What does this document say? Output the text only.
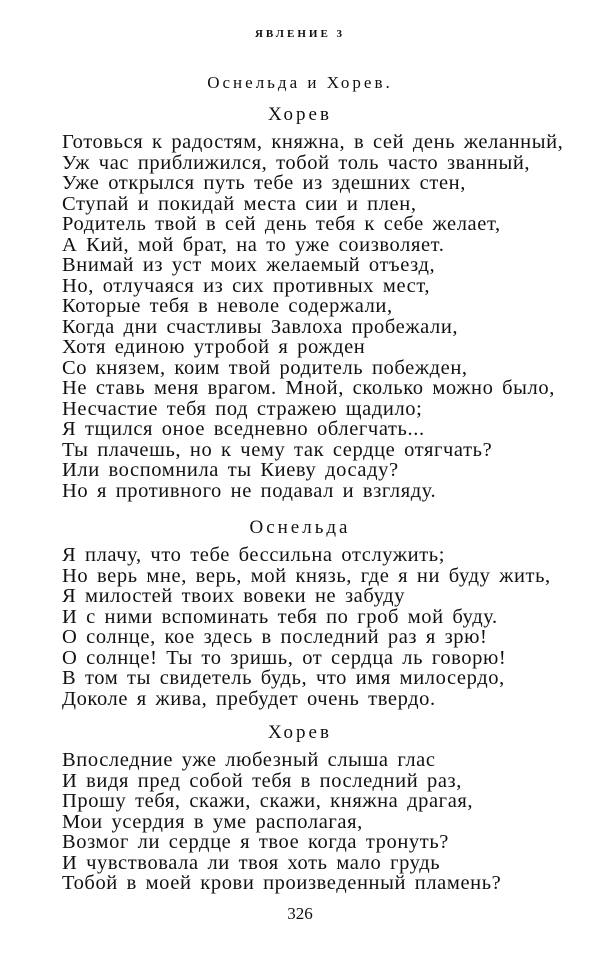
ЯВЛЕНИЕ 3
Оснельда и Хорев.
Хорев
Готовься к радостям, княжна, в сей день желанный,
Уж час приближился, тобой толь часто званный,
Уже открылся путь тебе из здешних стен,
Ступай и покидай места сии и плен,
Родитель твой в сей день тебя к себе желает,
А Кий, мой брат, на то уже соизволяет.
Внимай из уст моих желаемый отъезд,
Но, отлучаяся из сих противных мест,
Которые тебя в неволе содержали,
Когда дни счастливы Завлоха пробежали,
Хотя единою утробой я рожден
Со князем, коим твой родитель побежден,
Не ставь меня врагом. Мной, сколько можно было,
Несчастие тебя под стражею щадило;
Я тщился оное вседневно облегчать...
Ты плачешь, но к чему так сердце отягчать?
Или воспомнила ты Киеву досаду?
Но я противного не подавал и взгляду.
Оснельда
Я плачу, что тебе бессильна отслужить;
Но верь мне, верь, мой князь, где я ни буду жить,
Я милостей твоих вовеки не забуду
И с ними вспоминать тебя по гроб мой буду.
О солнце, кое здесь в последний раз я зрю!
О солнце! Ты то зришь, от сердца ль говорю!
В том ты свидетель будь, что имя милосердо,
Доколе я жива, пребудет очень твердо.
Хорев
Впоследние уже любезный слыша глас
И видя пред собой тебя в последний раз,
Прошу тебя, скажи, скажи, княжна драгая,
Мои усердия в уме располагая,
Возмог ли сердце я твое когда тронуть?
И чувствовала ли твоя хоть мало грудь
Тобой в моей крови произведенный пламень?
326
